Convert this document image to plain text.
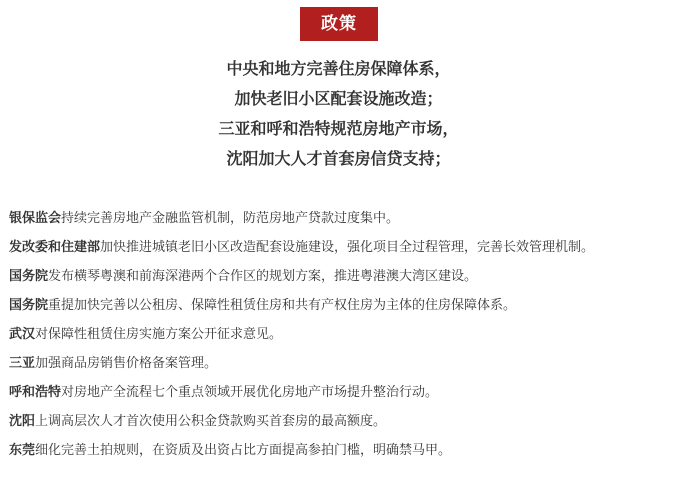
政策
中央和地方完善住房保障体系，
加快老旧小区配套设施改造；
三亚和呼和浩特规范房地产市场，
沈阳加大人才首套房信贷支持；
银保监会持续完善房地产金融监管机制，防范房地产贷款过度集中。
发改委和住建部加快推进城镇老旧小区改造配套设施建设，强化项目全过程管理，完善长效管理机制。
国务院发布横琴粤澳和前海深港两个合作区的规划方案，推进粤港澳大湾区建设。
国务院重提加快完善以公租房、保障性租赁住房和共有产权住房为主体的住房保障体系。
武汉对保障性租赁住房实施方案公开征求意见。
三亚加强商品房销售价格备案管理。
呼和浩特对房地产全流程七个重点领域开展优化房地产市场提升整治行动。
沈阳上调高层次人才首次使用公积金贷款购买首套房的最高额度。
东莞细化完善土拍规则，在资质及出资占比方面提高参拍门槛，明确禁马甲。
